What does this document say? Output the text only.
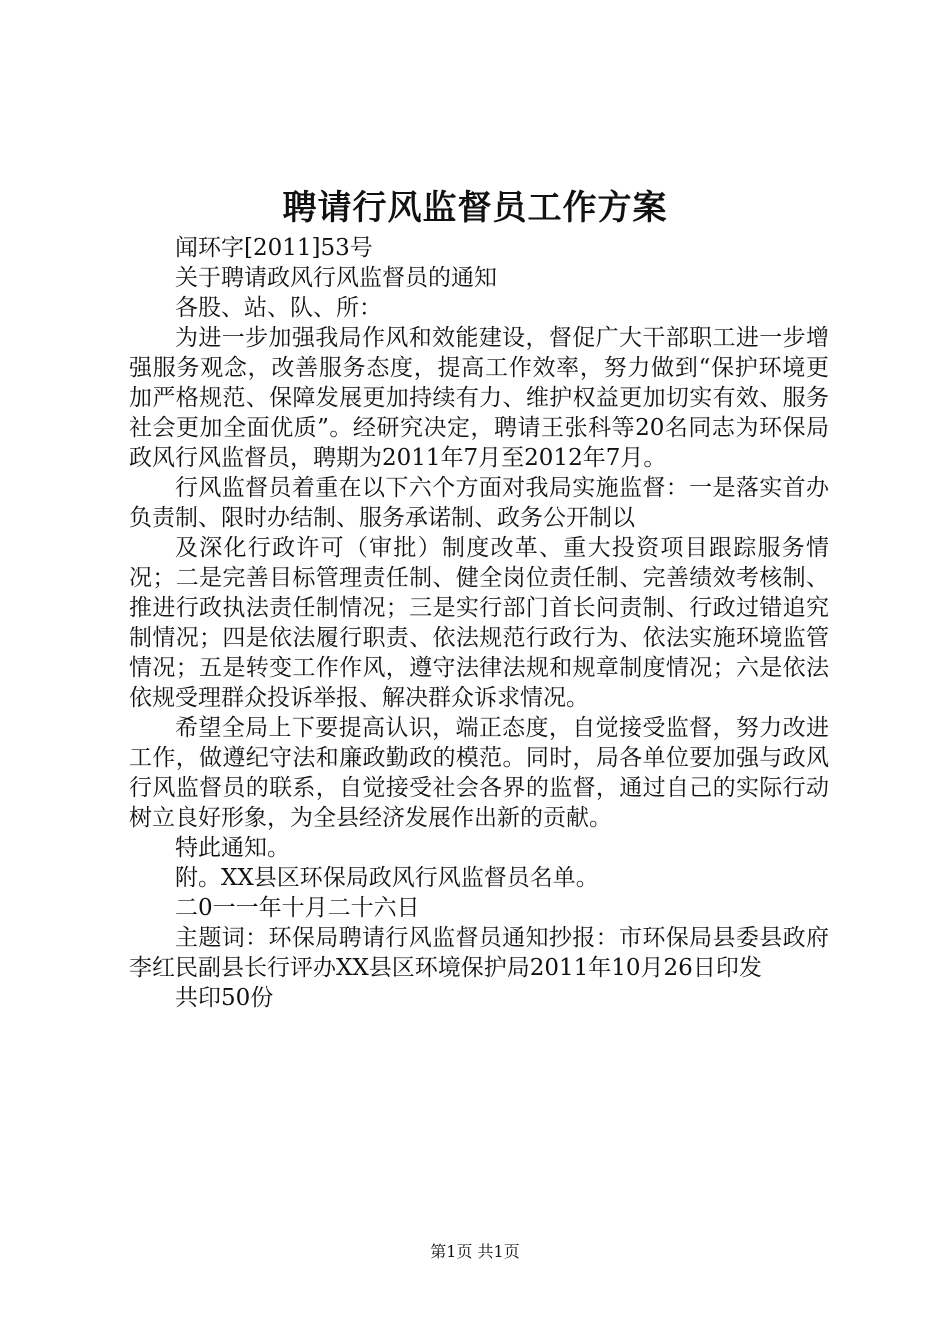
聘请行风监督员工作方案

闻环字[2011]53号

关于聘请政风行风监督员的通知

各股、站、队、所：

为进一步加强我局作风和效能建设，督促广大干部职工进一步增强服务观念，改善服务态度，提高工作效率，努力做到“保护环境更加严格规范、保障发展更加持续有力、维护权益更加切实有效、服务社会更加全面优质”。经研究决定，聘请王张科等20名同志为环保局政风行风监督员，聘期为2011年7月至2012年7月。

行风监督员着重在以下六个方面对我局实施监督：一是落实首办负责制、限时办结制、服务承诺制、政务公开制以

及深化行政许可（审批）制度改革、重大投资项目跟踪服务情况；二是完善目标管理责任制、健全岗位责任制、完善绩效考核制、推进行政执法责任制情况；三是实行部门首长问责制、行政过错追究制情况；四是依法履行职责、依法规范行政行为、依法实施环境监管情况；五是转变工作作风，遵守法律法规和规章制度情况；六是依法依规受理群众投诉举报、解决群众诉求情况。

希望全局上下要提高认识，端正态度，自觉接受监督，努力改进工作，做遵纪守法和廉政勤政的模范。同时，局各单位要加强与政风行风监督员的联系，自觉接受社会各界的监督，通过自己的实际行动树立良好形象，为全县经济发展作出新的贡献。

特此通知。

附。XX县区环保局政风行风监督员名单。

二0一一年十月二十六日

主题词：环保局聘请行风监督员通知抄报：市环保局县委县政府李红民副县长行评办XX县区环境保护局2011年10月26日印发

共印50份

第1页 共1页
